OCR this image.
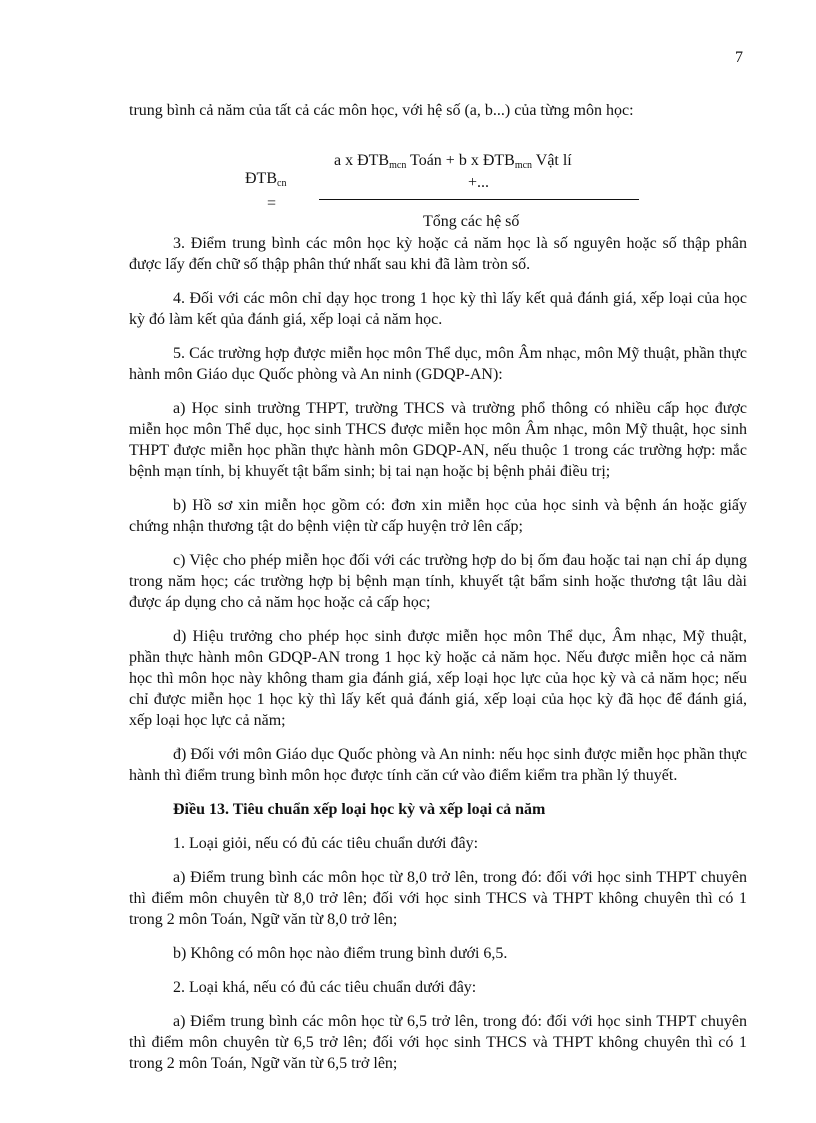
7

trung bình cả năm của tất cả các môn học, với hệ số (a, b...) của từng môn học:

$ĐTB_{cn}$
=
a x $ĐTB_{mcn}$ Toán + b x $ĐTB_{mcn}$ Vật lí
+...
Tổng các hệ số

3. Điểm trung bình các môn học kỳ hoặc cả năm học là số nguyên hoặc số thập phân được lấy đến chữ số thập phân thứ nhất sau khi đã làm tròn số.

4. Đối với các môn chỉ dạy học trong 1 học kỳ thì lấy kết quả đánh giá, xếp loại của học kỳ đó làm kết qủa đánh giá, xếp loại cả năm học.

5. Các trường hợp được miễn học môn Thể dục, môn Âm nhạc, môn Mỹ thuật, phần thực hành môn Giáo dục Quốc phòng và An ninh (GDQP-AN):

a) Học sinh trường THPT, trường THCS và trường phổ thông có nhiều cấp học được miễn học môn Thể dục, học sinh THCS được miễn học môn Âm nhạc, môn Mỹ thuật, học sinh THPT được miễn học phần thực hành môn GDQP-AN, nếu thuộc 1 trong các trường hợp: mắc bệnh mạn tính, bị khuyết tật bẩm sinh; bị tai nạn hoặc bị bệnh phải điều trị;

b) Hồ sơ xin miễn học gồm có: đơn xin miễn học của học sinh và bệnh án hoặc giấy chứng nhận thương tật do bệnh viện từ cấp huyện trở lên cấp;

c) Việc cho phép miễn học đối với các trường hợp do bị ốm đau hoặc tai nạn chỉ áp dụng trong năm học; các trường hợp bị bệnh mạn tính, khuyết tật bẩm sinh hoặc thương tật lâu dài được áp dụng cho cả năm học hoặc cả cấp học;

d) Hiệu trưởng cho phép học sinh được miễn học môn Thể dục, Âm nhạc, Mỹ thuật, phần thực hành môn GDQP-AN trong 1 học kỳ hoặc cả năm học. Nếu được miễn học cả năm học thì môn học này không tham gia đánh giá, xếp loại học lực của học kỳ và cả năm học; nếu chỉ được miễn học 1 học kỳ thì lấy kết quả đánh giá, xếp loại của học kỳ đã học để đánh giá, xếp loại học lực cả năm;

đ) Đối với môn Giáo dục Quốc phòng và An ninh: nếu học sinh được miễn học phần thực hành thì điểm trung bình môn học được tính căn cứ vào điểm kiểm tra phần lý thuyết.

Điều 13. Tiêu chuẩn xếp loại học kỳ và xếp loại cả năm

1. Loại giỏi, nếu có đủ các tiêu chuẩn dưới đây:

a) Điểm trung bình các môn học từ 8,0 trở lên, trong đó: đối với học sinh THPT chuyên thì điểm môn chuyên từ 8,0 trở lên; đối với học sinh THCS và THPT không chuyên thì có 1 trong 2 môn Toán, Ngữ văn từ 8,0 trở lên;

b) Không có môn học nào điểm trung bình dưới 6,5.

2. Loại khá, nếu có đủ các tiêu chuẩn dưới đây:

a) Điểm trung bình các môn học từ 6,5 trở lên, trong đó: đối với học sinh THPT chuyên thì điểm môn chuyên từ 6,5 trở lên; đối với học sinh THCS và THPT không chuyên thì có 1 trong 2 môn Toán, Ngữ văn từ 6,5 trở lên;
